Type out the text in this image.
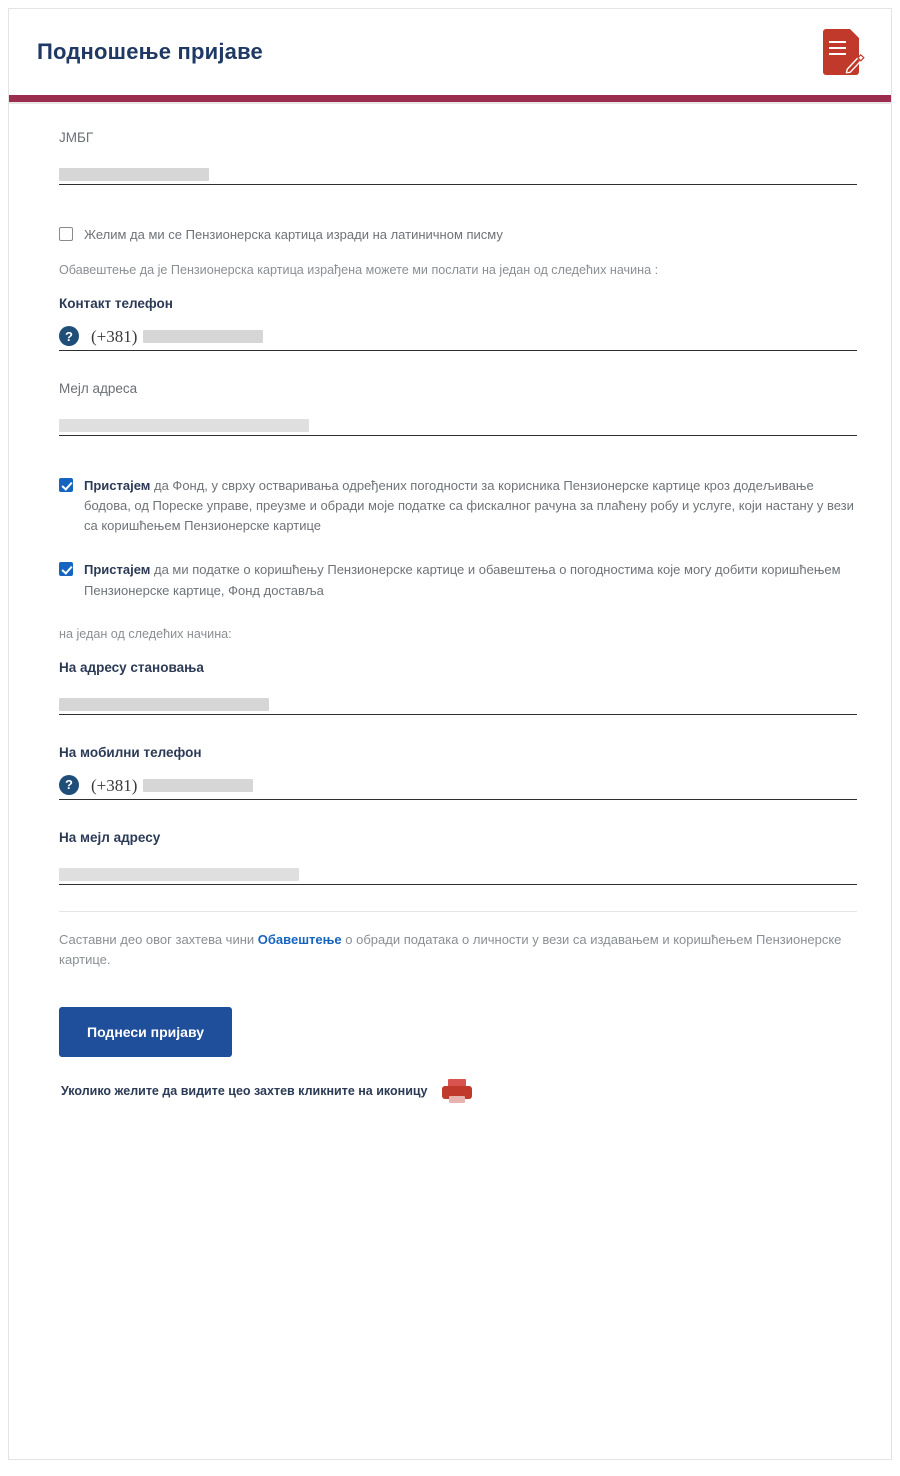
Подношење пријаве
ЈМБГ
Желим да ми се Пензионерска картица изради на латиничном писму
Обавештење да је Пензионерска картица израђена можете ми послати на један од следећих начина :
Контакт телефон
?	(+381)
Мејл адреса
Пристајем да Фонд, у сврху остваривања одређених погодности за корисника Пензионерске картице кроз додељивање бодова, од Пореске управе, преузме и обради моје податке са фискалног рачуна за плаћену робу и услуге, који настану у вези са коришћењем Пензионерске картице
Пристајем да ми податке о коришћењу Пензионерске картице и обавештења о погодностима које могу добити коришћењем Пензионерске картице, Фонд доставља
на један од следећих начина:
На адресу становања
На мобилни телефон
?	(+381)
На мејл адресу
Саставни део овог захтева чини Обавештење о обради података о личности у вези са издавањем и коришћењем Пензионерске картице.
Поднеси пријаву
Уколико желите да видите цео захтев кликните на иконицу
